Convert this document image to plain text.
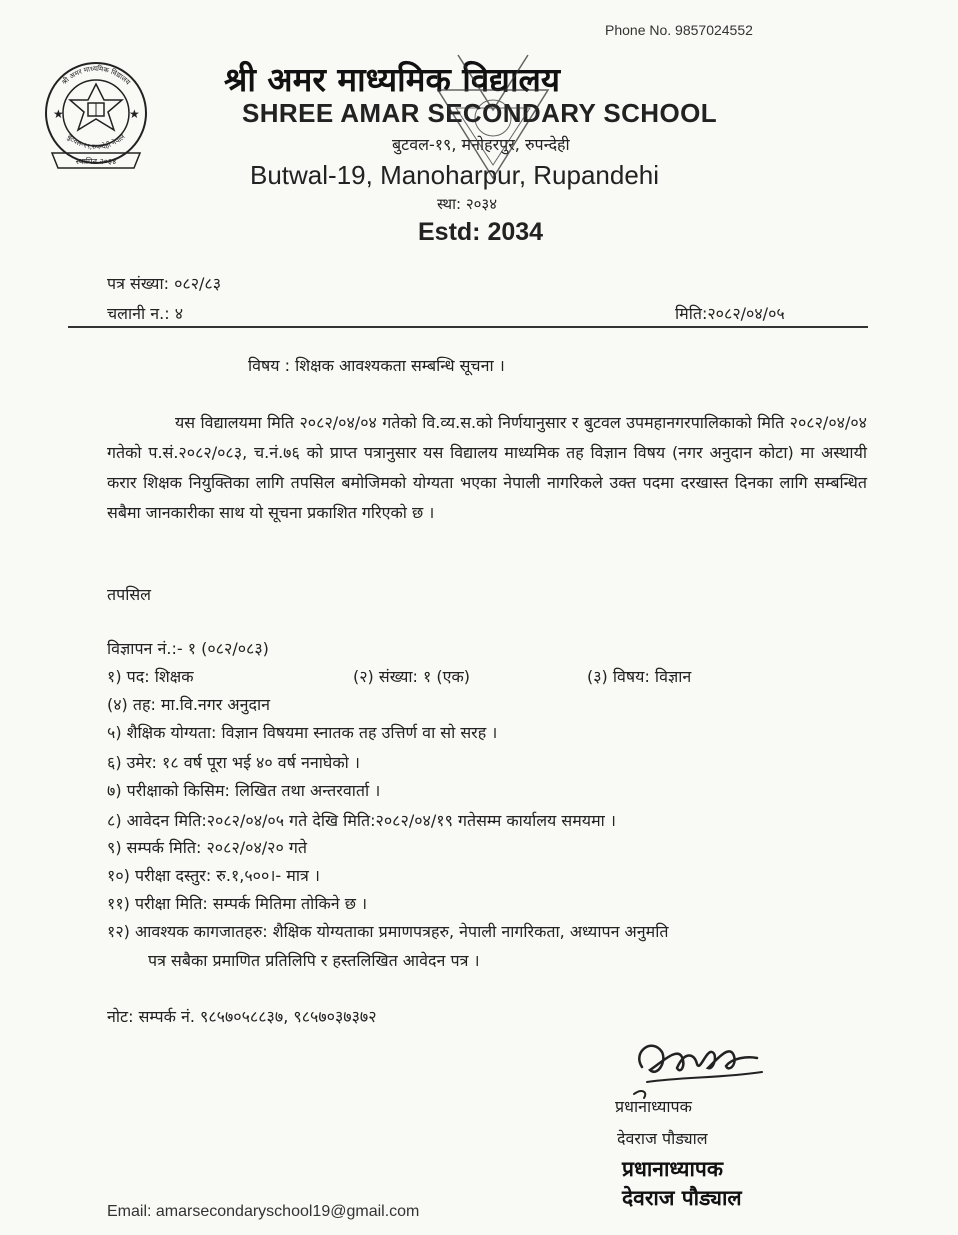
Phone No. 9857024552
★	★
स्थापित २०३४
श्री अमर माध्यमिक विद्यालय
बुटवल-१९,रुपन्देही नेपाल
श्री अमर माध्यमिक विद्यालय
SHREE AMAR SECONDARY SCHOOL
बुटवल-१९, मनोहरपुर, रुपन्देही
Butwal-19, Manoharpur, Rupandehi
स्था: २०३४
Estd: 2034
पत्र संख्या: ०८२/८३
चलानी न.: ४	मिति:२०८२/०४/०५
विषय : शिक्षक आवश्यकता सम्बन्धि सूचना ।
यस विद्यालयमा मिति २०८२/०४/०४ गतेको वि.व्य.स.को निर्णयानुसार र बुटवल उपमहानगरपालिकाको मिति २०८२/०४/०४ गतेको प.सं.२०८२/०८३, च.नं.७६ को प्राप्त पत्रानुसार यस विद्यालय माध्यमिक तह विज्ञान विषय (नगर अनुदान कोटा) मा अस्थायी करार शिक्षक नियुक्तिका लागि तपसिल बमोजिमको योग्यता भएका नेपाली नागरिकले उक्त पदमा दरखास्त दिनका लागि सम्बन्धित सबैमा जानकारीका साथ यो सूचना प्रकाशित गरिएको छ ।
तपसिल
विज्ञापन नं.:- १ (०८२/०८३)
१) पद: शिक्षक	(२) संख्या: १ (एक)	(३) विषय: विज्ञान
(४) तह: मा.वि.नगर अनुदान
५) शैक्षिक योग्यता: विज्ञान विषयमा स्नातक तह उत्तिर्ण वा सो सरह ।
६) उमेर: १८ वर्ष पूरा भई ४० वर्ष ननाघेको ।
७) परीक्षाको किसिम: लिखित तथा अन्तरवार्ता ।
८) आवेदन मिति:२०८२/०४/०५ गते देखि मिति:२०८२/०४/१९ गतेसम्म कार्यालय समयमा ।
९) सम्पर्क मिति: २०८२/०४/२० गते
१०) परीक्षा दस्तुर: रु.१,५००।- मात्र ।
११) परीक्षा मिति: सम्पर्क मितिमा तोकिने छ ।
१२) आवश्यक कागजातहरु: शैक्षिक योग्यताका प्रमाणपत्रहरु, नेपाली नागरिकता, अध्यापन अनुमति
पत्र सबैका प्रमाणित प्रतिलिपि र हस्तलिखित आवेदन पत्र ।
नोट: सम्पर्क नं. ९८५७०५८८३७, ९८५७०३७३७२
प्रधानाध्यापक
देवराज पौड्याल
प्रधानाध्यापक
देवराज पौड्याल
Email: amarsecondaryschool19@gmail.com
